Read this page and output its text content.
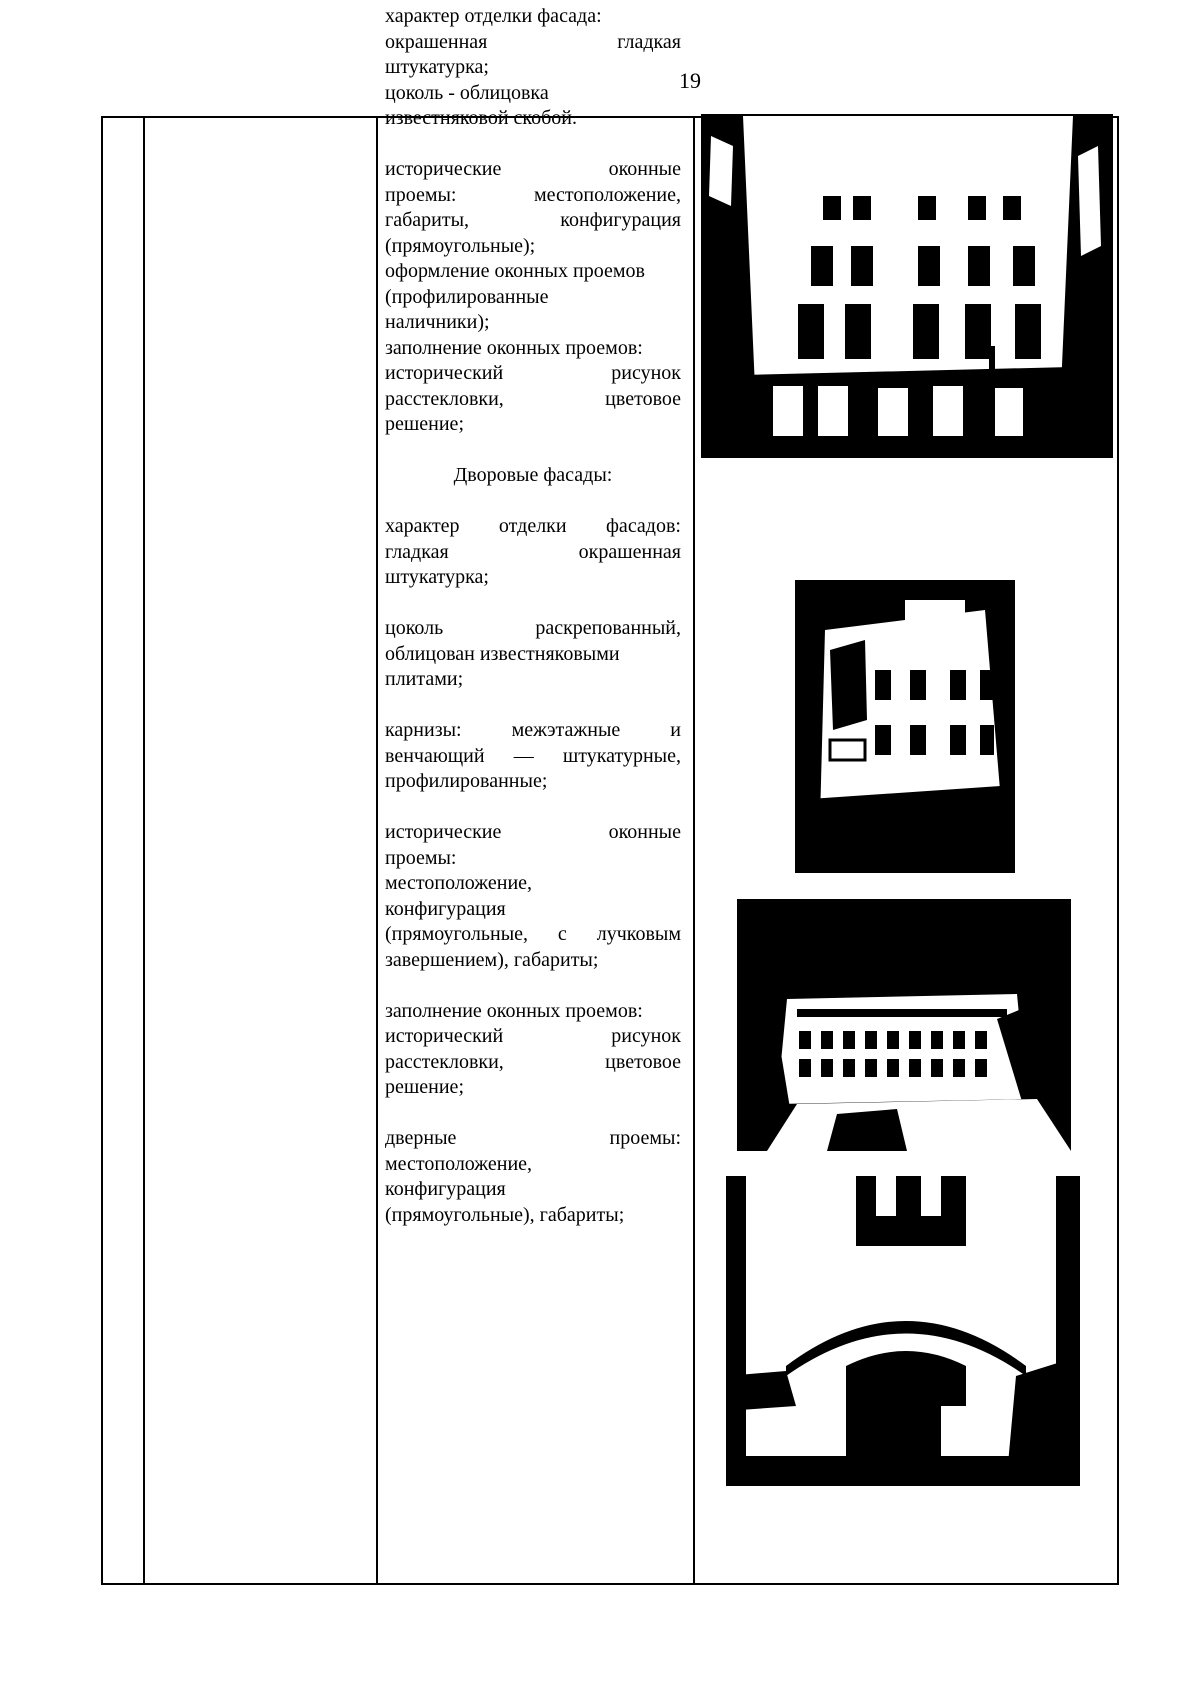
19

характер отделки фасада:

окрашенная гладкая

штукатурка;

цоколь - облицовка

известняковой скобой.

исторические оконные

проемы: местоположение,

габариты, конфигурация

(прямоугольные);

оформление оконных проемов

(профилированные

наличники);

заполнение оконных проемов:

исторический рисунок

расстекловки, цветовое

решение;

Дворовые фасады:

характер отделки фасадов:

гладкая окрашенная

штукатурка;

цоколь раскрепованный,

облицован известняковыми

плитами;

карнизы: межэтажные и

венчающий — штукатурные,

профилированные;

исторические оконные

проемы:

местоположение,

конфигурация

(прямоугольные, с лучковым

завершением), габариты;

заполнение оконных проемов:

исторический рисунок

расстекловки, цветовое

решение;

дверные проемы:

местоположение,

конфигурация

(прямоугольные), габариты;
